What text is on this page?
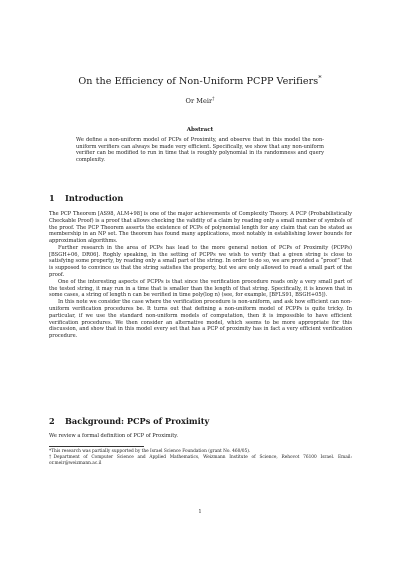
On the Efficiency of Non-Uniform PCPP Verifiers*
Or Meir†
Abstract
We define a non-uniform model of PCPs of Proximity, and observe that in this model the non-uniform verifiers can always be made very efficient. Specifically, we show that any non-uniform verifier can be modified to run in time that is roughly polynomial in its randomness and query complexity.
1 Introduction

The PCP Theorem [AS98, ALM+98] is one of the major achievements of Complexity Theory. A PCP (Probabilistically Checkable Proof) is a proof that allows checking the validity of a claim by reading only a small number of symbols of the proof. The PCP Theorem asserts the existence of PCPs of polynomial length for any claim that can be stated as membership in an NP set. The theorem has found many applications, most notably in establishing lower bounds for approximation algorithms.

Further research in the area of PCPs has lead to the more general notion of PCPs of Proximity (PCPPs) [BSGH+06, DR06]. Roghly speaking, in the setting of PCPPs we wish to verify that a given string is close to satisfying some property, by reading only a small part of the string. In order to do so, we are provided a “proof” that is supposed to convince us that the string satisfies the property, but we are only allowed to read a small part of the proof.

One of the interesting aspects of PCPPs is that since the verification procedure reads only a very small part of the tested string, it may run in a time that is smaller than the length of that string. Specifically, it is known that in some cases, a string of length n can be verified in time poly(log n) (see, for example, [BFLS91, BSGH+05]).

In this note we consider the case where the verification procedure is non-uniform, and ask how efficient can non-uniform verification procedures be. It turns out that defining a non-uniform model of PCPPs is quite tricky. In particular, if we use the standard non-uniform models of computation, then it is impossible to have efficient verification procedures. We then consider an alternative model, which seems to be more appropriate for this discussion, and show that in this model every set that has a PCP of proximity has in fact a very efficient verification procedure.

2 Background: PCPs of Proximity

We review a formal definition of PCP of Proximity.

*This research was partially supported by the Israel Science Foundation (grant No. 460/05).
†Department of Computer Science and Applied Mathematics, Weizmann Institute of Science, Rehovot 76100 Israel. Email: or.meir@weizmann.ac.il
1
